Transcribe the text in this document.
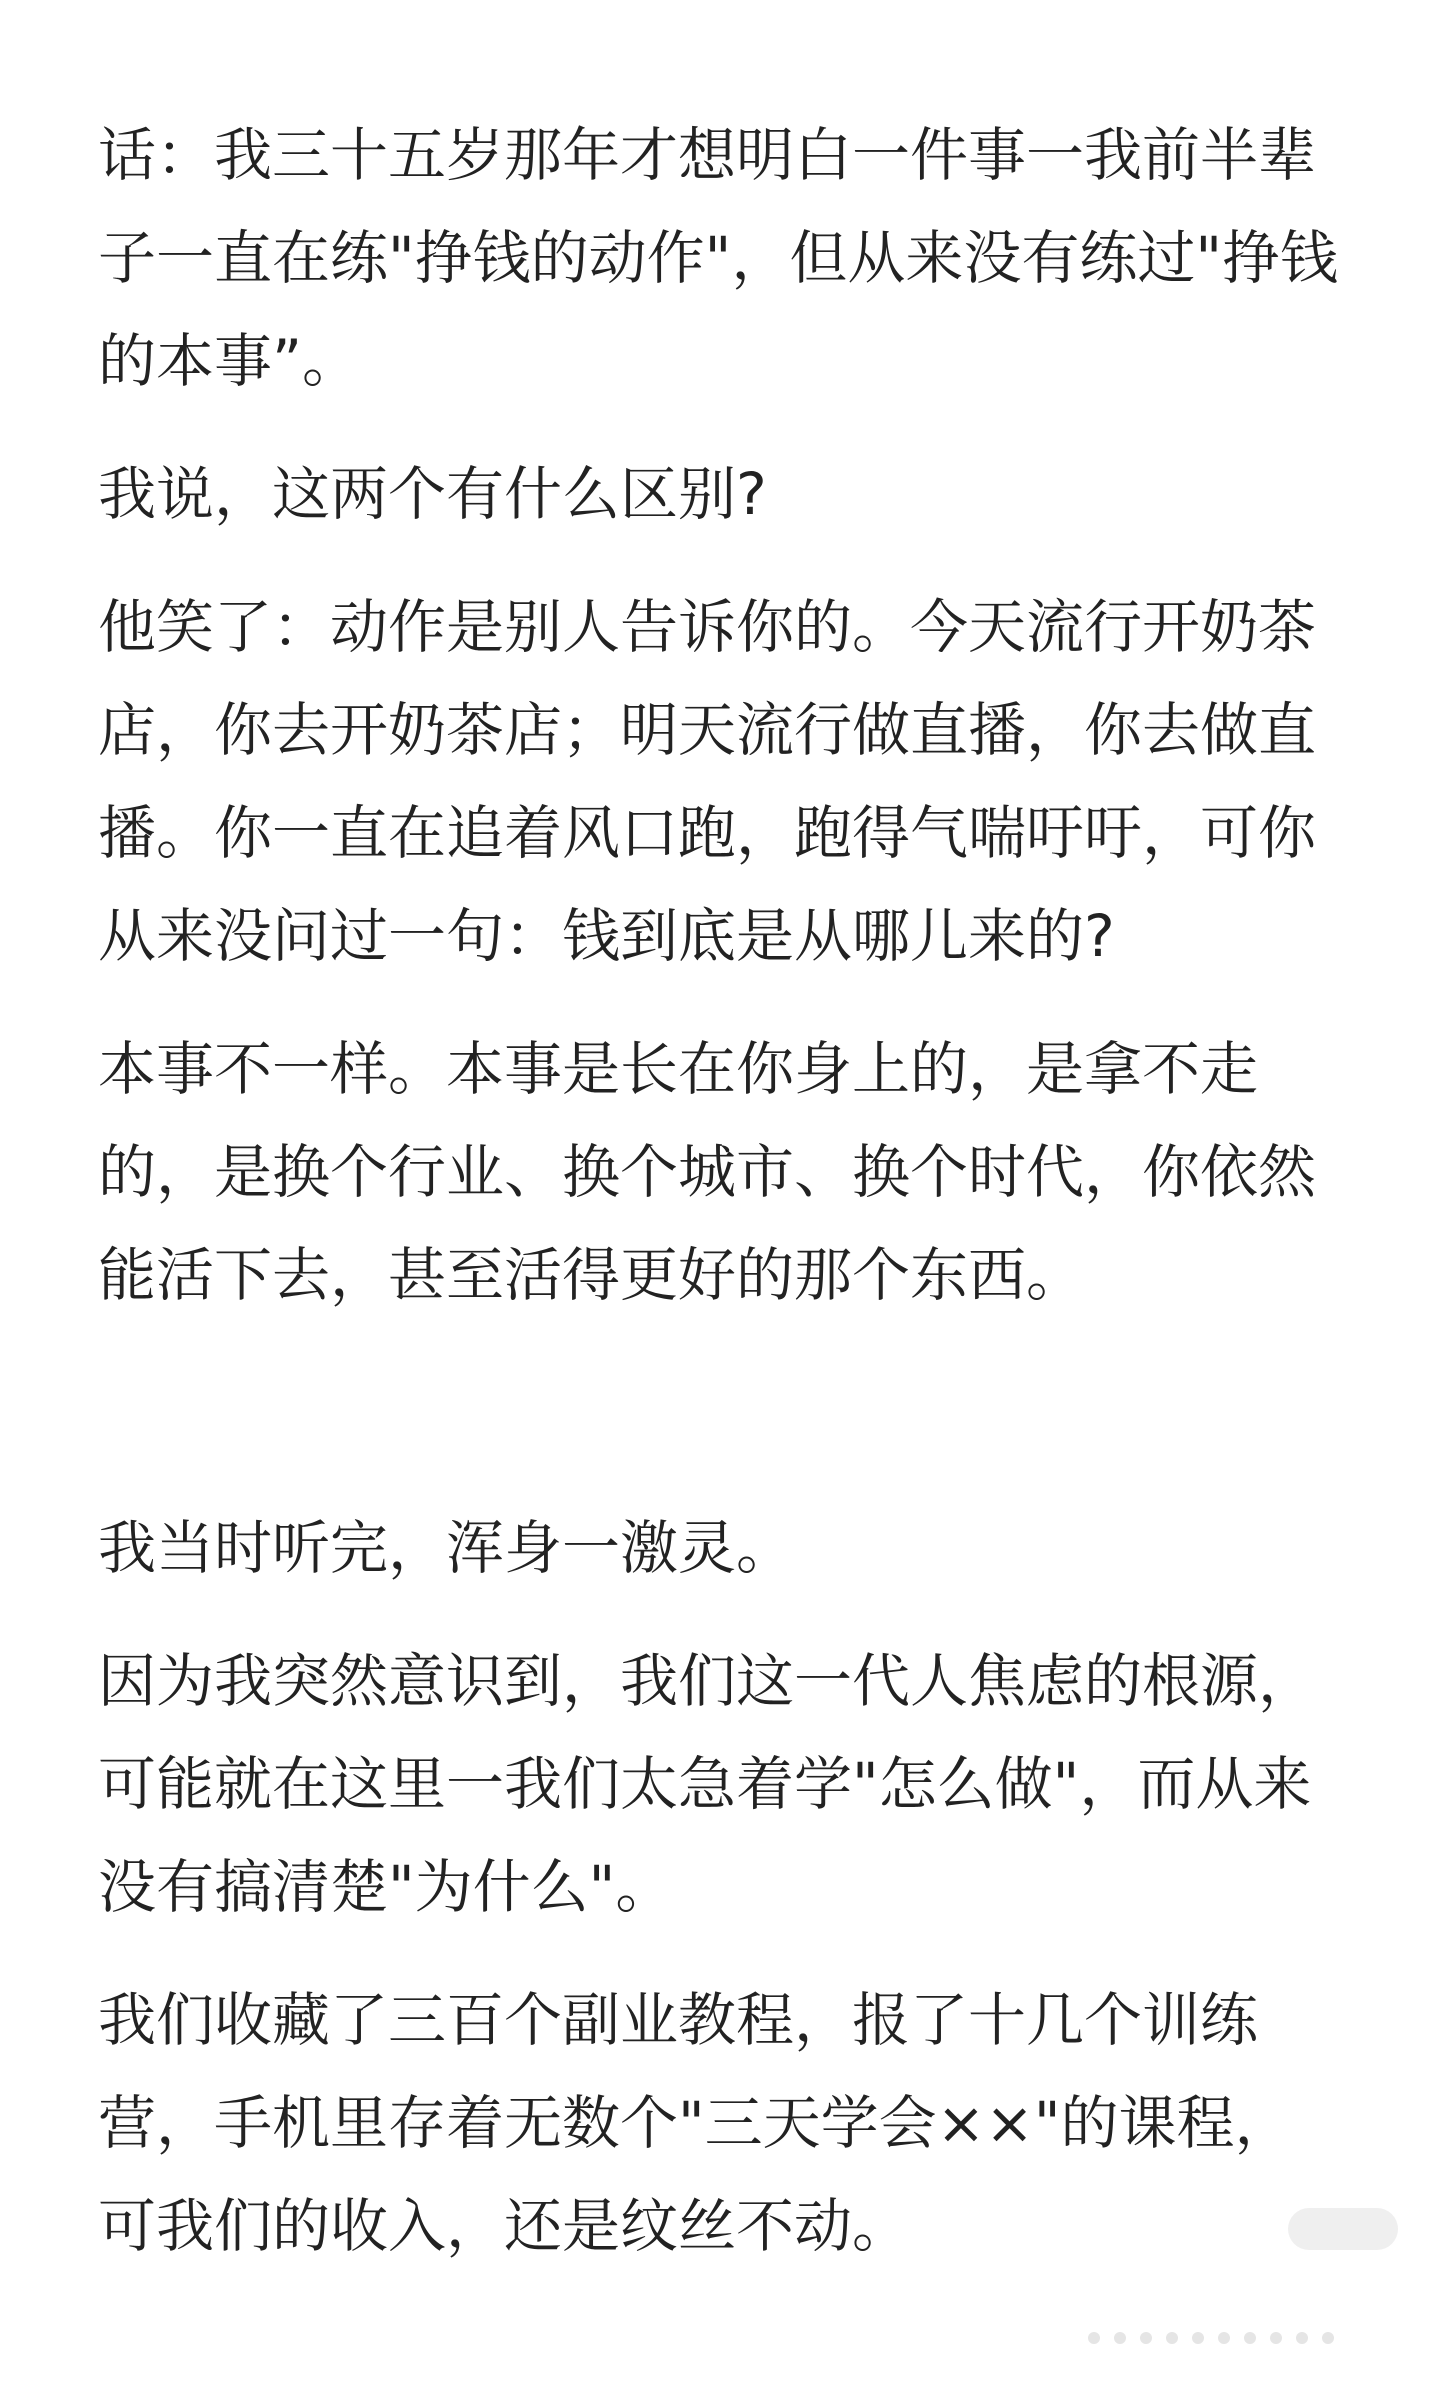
话：我三十五岁那年才想明白一件事一我前半辈子一直在练"挣钱的动作"，但从来没有练过"挣钱的本事”。

我说，这两个有什么区别?

他笑了：动作是别人告诉你的。今天流行开奶茶店，你去开奶茶店；明天流行做直播，你去做直播。你一直在追着风口跑，跑得气喘吁吁，可你从来没问过一句：钱到底是从哪儿来的?

本事不一样。本事是长在你身上的，是拿不走的，是换个行业、换个城市、换个时代，你依然能活下去，甚至活得更好的那个东西。

我当时听完，浑身一激灵。

因为我突然意识到，我们这一代人焦虑的根源，可能就在这里一我们太急着学"怎么做"，而从来没有搞清楚"为什么"。

我们收藏了三百个副业教程，报了十几个训练营，手机里存着无数个"三天学会××"的课程，可我们的收入，还是纹丝不动。
